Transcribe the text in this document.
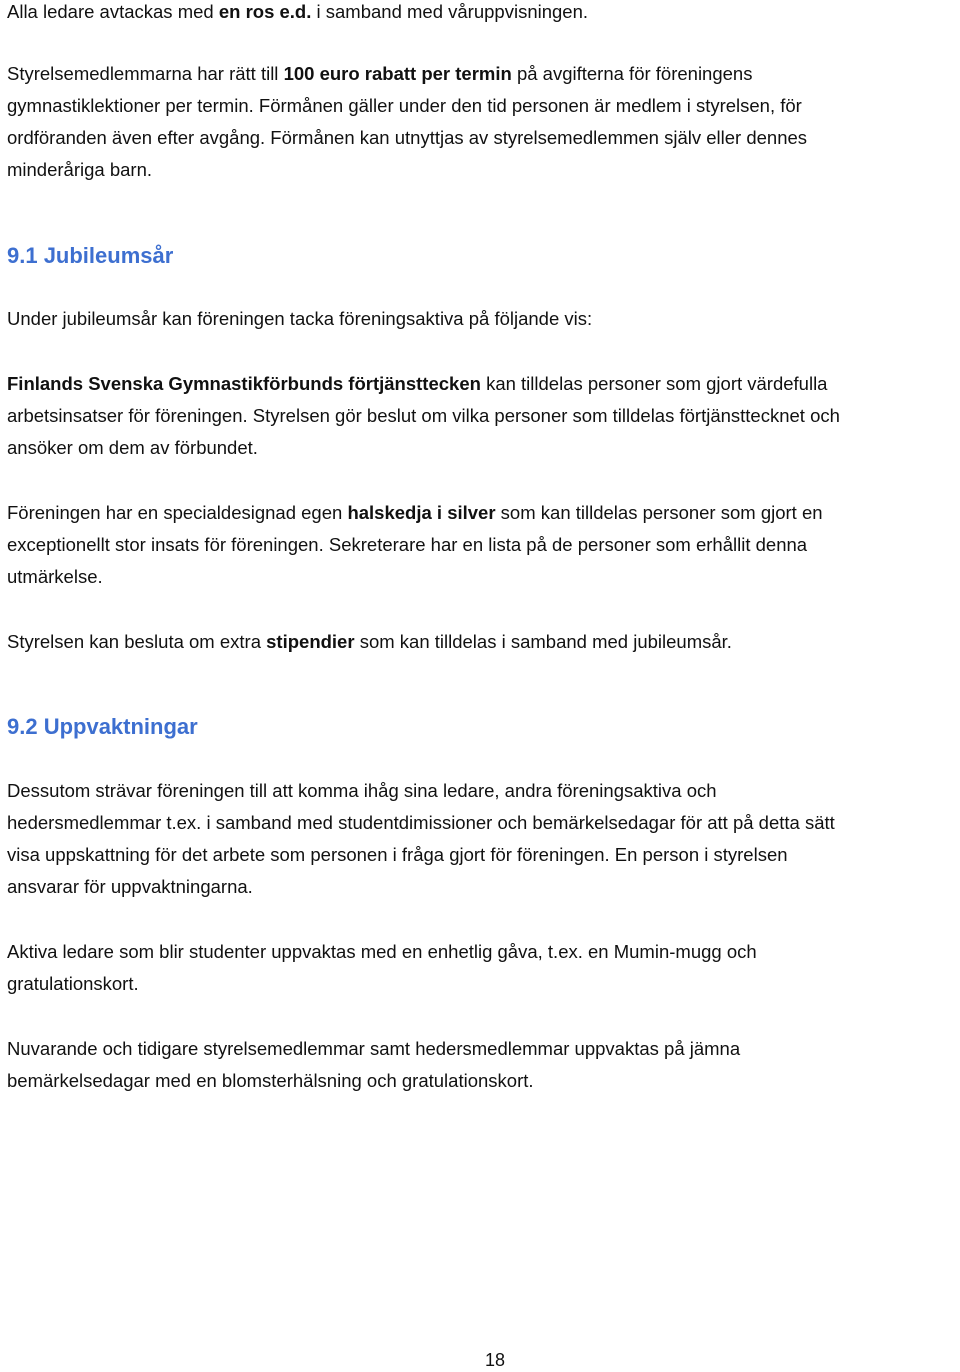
Alla ledare avtackas med en ros e.d. i samband med våruppvisningen.

Styrelsemedlemmarna har rätt till 100 euro rabatt per termin på avgifterna för föreningens
gymnastiklektioner per termin. Förmånen gäller under den tid personen är medlem i styrelsen, för
ordföranden även efter avgång. Förmånen kan utnyttjas av styrelsemedlemmen själv eller dennes
minderåriga barn.

9.1 Jubileumsår

Under jubileumsår kan föreningen tacka föreningsaktiva på följande vis:

Finlands Svenska Gymnastikförbunds förtjänsttecken kan tilldelas personer som gjort värdefulla
arbetsinsatser för föreningen. Styrelsen gör beslut om vilka personer som tilldelas förtjänsttecknet och
ansöker om dem av förbundet.

Föreningen har en specialdesignad egen halskedja i silver som kan tilldelas personer som gjort en
exceptionellt stor insats för föreningen. Sekreterare har en lista på de personer som erhållit denna
utmärkelse.

Styrelsen kan besluta om extra stipendier som kan tilldelas i samband med jubileumsår.

9.2 Uppvaktningar

Dessutom strävar föreningen till att komma ihåg sina ledare, andra föreningsaktiva och
hedersmedlemmar t.ex. i samband med studentdimissioner och bemärkelsedagar för att på detta sätt
visa uppskattning för det arbete som personen i fråga gjort för föreningen. En person i styrelsen
ansvarar för uppvaktningarna.

Aktiva ledare som blir studenter uppvaktas med en enhetlig gåva, t.ex. en Mumin-mugg och
gratulationskort.

Nuvarande och tidigare styrelsemedlemmar samt hedersmedlemmar uppvaktas på jämna
bemärkelsedagar med en blomsterhälsning och gratulationskort.

18
